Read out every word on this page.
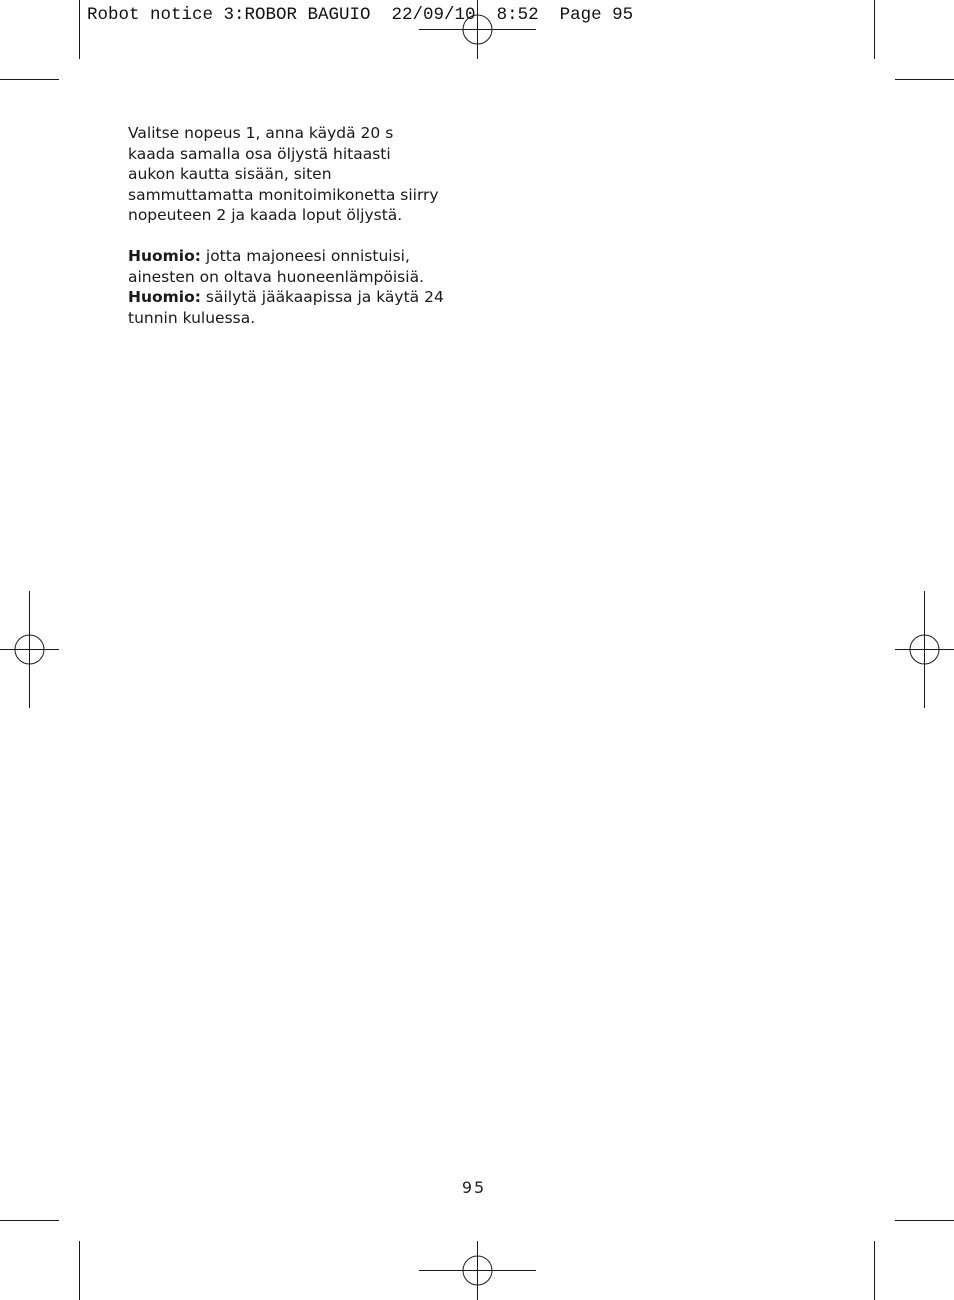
Robot notice 3:ROBOR BAGUIO  22/09/10  8:52  Page 95

Valitse nopeus 1, anna käydä 20 s
kaada samalla osa öljystä hitaasti
aukon kautta sisään, siten
sammuttamatta monitoimikonetta siirry
nopeuteen 2 ja kaada loput öljystä.

Huomio: jotta majoneesi onnistuisi,
ainesten on oltava huoneenlämpöisiä.
Huomio: säilytä jääkaapissa ja käytä 24
tunnin kuluessa.

95
